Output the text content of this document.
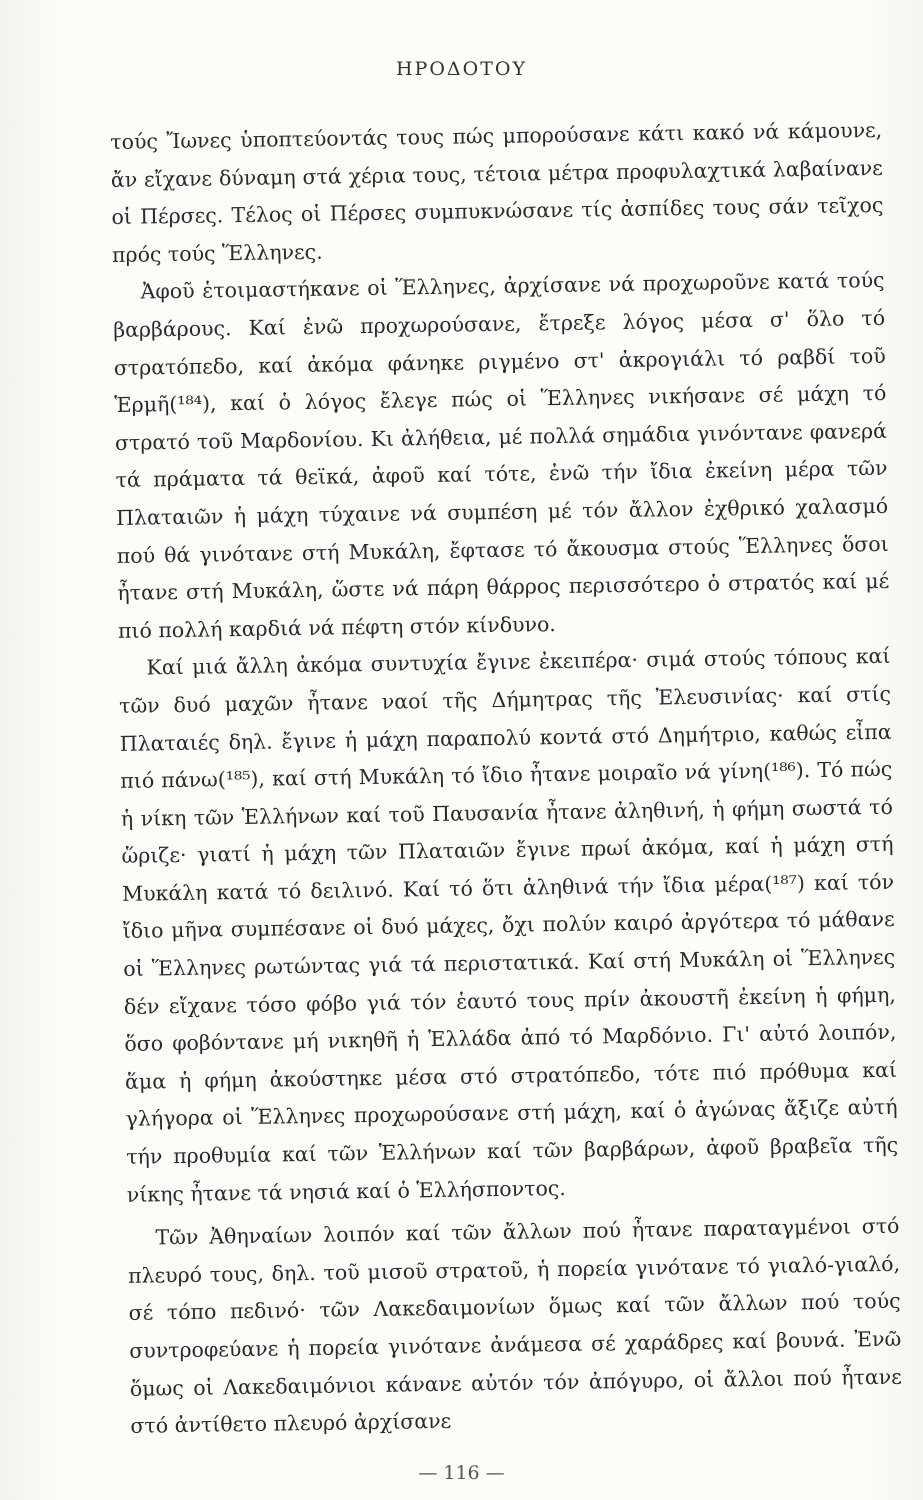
ΗΡΟΔΟΤΟΥ

τούς Ἴωνες ὑποπτεύοντάς τους πώς μπορούσανε κάτι κακό νά κάμουνε, ἄν εἴχανε δύναμη στά χέρια τους, τέτοια μέτρα προφυλαχτικά λαβαίνανε οἱ Πέρσες. Τέλος οἱ Πέρσες συμπυκνώσανε τίς ἀσπίδες τους σάν τεῖχος πρός τούς Ἕλληνες.

Ἀφοῦ ἑτοιμαστήκανε οἱ Ἕλληνες, ἀρχίσανε νά προχωροῦνε κατά τούς βαρβάρους. Καί ἐνῶ προχωρούσανε, ἔτρεξε λόγος μέσα σ' ὅλο τό στρατόπεδο, καί ἀκόμα φάνηκε ριγμένο στ' ἀκρογιάλι τό ραβδί τοῦ Ἑρμῆ(¹⁸⁴), καί ὁ λόγος ἔλεγε πώς οἱ Ἕλληνες νικήσανε σέ μάχη τό στρατό τοῦ Μαρδονίου. Κι ἀλήθεια, μέ πολλά σημάδια γινόντανε φανερά τά πράματα τά θεϊκά, ἀφοῦ καί τότε, ἐνῶ τήν ἴδια ἐκείνη μέρα τῶν Πλαταιῶν ἡ μάχη τύχαινε νά συμπέση μέ τόν ἄλλον ἐχθρικό χαλασμό πού θά γινότανε στή Μυκάλη, ἔφτασε τό ἄκουσμα στούς Ἕλληνες ὅσοι ἦτανε στή Μυκάλη, ὥστε νά πάρη θάρρος περισσότερο ὁ στρατός καί μέ πιό πολλή καρδιά νά πέφτη στόν κίνδυνο.

Καί μιά ἄλλη ἀκόμα συντυχία ἔγινε ἐκειπέρα· σιμά στούς τόπους καί τῶν δυό μαχῶν ἦτανε ναοί τῆς Δήμητρας τῆς Ἐλευσινίας· καί στίς Πλαταιές δηλ. ἔγινε ἡ μάχη παραπολύ κοντά στό Δημήτριο, καθώς εἶπα πιό πάνω(¹⁸⁵), καί στή Μυκάλη τό ἴδιο ἦτανε μοιραῖο νά γίνη(¹⁸⁶). Τό πώς ἡ νίκη τῶν Ἑλλήνων καί τοῦ Παυσανία ἦτανε ἀληθινή, ἡ φήμη σωστά τό ὥριζε· γιατί ἡ μάχη τῶν Πλαταιῶν ἔγινε πρωί ἀκόμα, καί ἡ μάχη στή Μυκάλη κατά τό δειλινό. Καί τό ὅτι ἀληθινά τήν ἴδια μέρα(¹⁸⁷) καί τόν ἴδιο μῆνα συμπέσανε οἱ δυό μάχες, ὄχι πολύν καιρό ἀργότερα τό μάθανε οἱ Ἕλληνες ρωτώντας γιά τά περιστατικά. Καί στή Μυκάλη οἱ Ἕλληνες δέν εἴχανε τόσο φόβο γιά τόν ἑαυτό τους πρίν ἀκουστῆ ἐκείνη ἡ φήμη, ὅσο φοβόντανε μή νικηθῆ ἡ Ἑλλάδα ἀπό τό Μαρδόνιο. Γι' αὐτό λοιπόν, ἅμα ἡ φήμη ἀκούστηκε μέσα στό στρατόπεδο, τότε πιό πρόθυμα καί γλήγορα οἱ Ἕλληνες προχωρούσανε στή μάχη, καί ὁ ἀγώνας ἄξιζε αὐτή τήν προθυμία καί τῶν Ἑλλήνων καί τῶν βαρβάρων, ἀφοῦ βραβεῖα τῆς νίκης ἦτανε τά νησιά καί ὁ Ἑλλήσποντος.

Τῶν Ἀθηναίων λοιπόν καί τῶν ἄλλων πού ἦτανε παραταγμένοι στό πλευρό τους, δηλ. τοῦ μισοῦ στρατοῦ, ἡ πορεία γινότανε τό γιαλό-γιαλό, σέ τόπο πεδινό· τῶν Λακεδαιμονίων ὅμως καί τῶν ἄλλων πού τούς συντροφεύανε ἡ πορεία γινότανε ἀνάμεσα σέ χαράδρες καί βουνά. Ἐνῶ ὅμως οἱ Λακεδαιμόνιοι κάνανε αὐτόν τόν ἀπόγυρο, οἱ ἄλλοι πού ἦτανε στό ἀντίθετο πλευρό ἀρχίσανε

— 116 —
